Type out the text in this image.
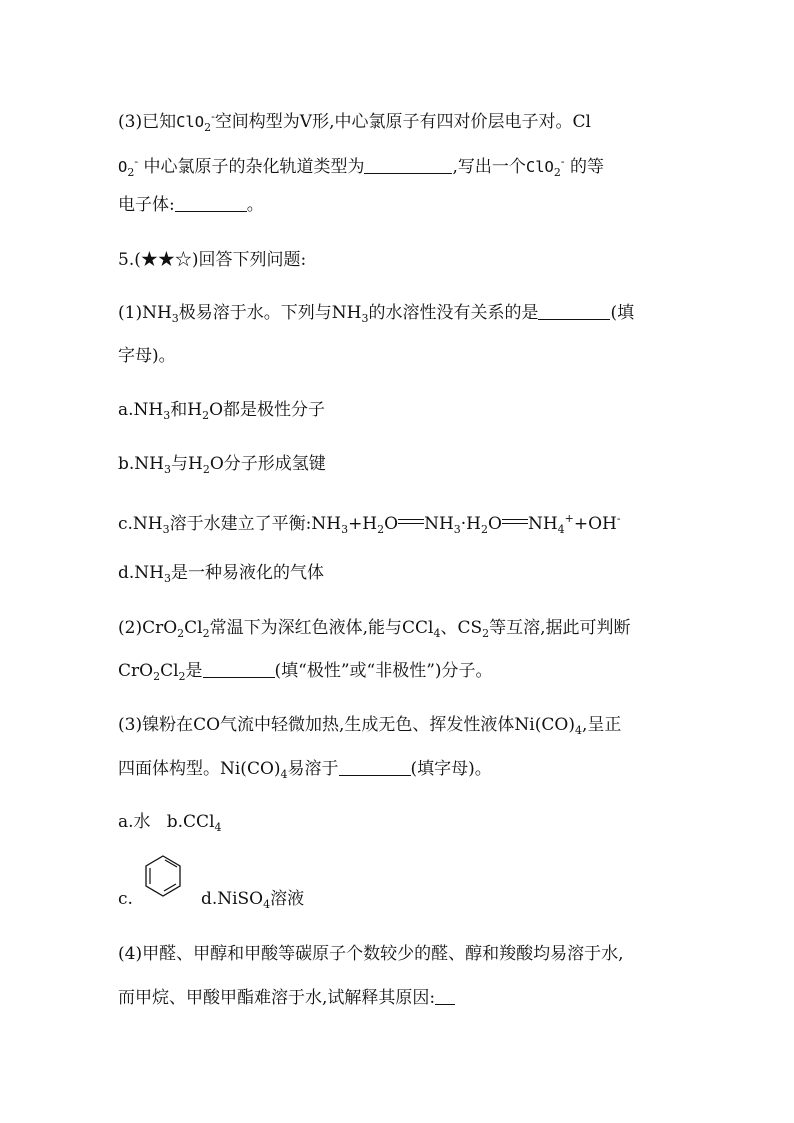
(3)已知ClO$_2$-空间构型为V形,中心氯原子有四对价层电子对。Cl
$O_2^-$ 中心氯原子的杂化轨道类型为	,写出一个ClO$_2$- 的等
电子体:	。
5.(★★☆)回答下列问题:
$(1)NH_3$极易溶于水。下列与$NH_3$的水溶性没有关系的是	(填
字母)。
$a.NH_3$和$H_2O$都是极性分子
$b.NH_3$与$H_2O$分子形成氢键
$c.NH_3$溶于水建立了平衡$:NH_3+H_2O$ $NH_3\cdot H_2O$ $NH_4^++OH^-$
$d.NH_3$是一种易液化的气体
$(2)CrO_2Cl_2$常温下为深红色液体,能与CCl$_4$、$CS_2$等互溶,据此可判断
$CrO_2Cl_2$是	(填“极性”或“非极性”)分子。
(3)镍粉在CO气流中轻微加热,生成无色、挥发性液体$Ni(CO)_4$,呈正
四面体构型。$Ni(CO)_4$易溶于	(填字母)。
a.水 b.CCl$_4$
c.	d.NiSO$_4$溶液
(4)甲醛、甲醇和甲酸等碳原子个数较少的醛、醇和羧酸均易溶于水,
而甲烷、甲酸甲酯难溶于水,试解释其原因:
